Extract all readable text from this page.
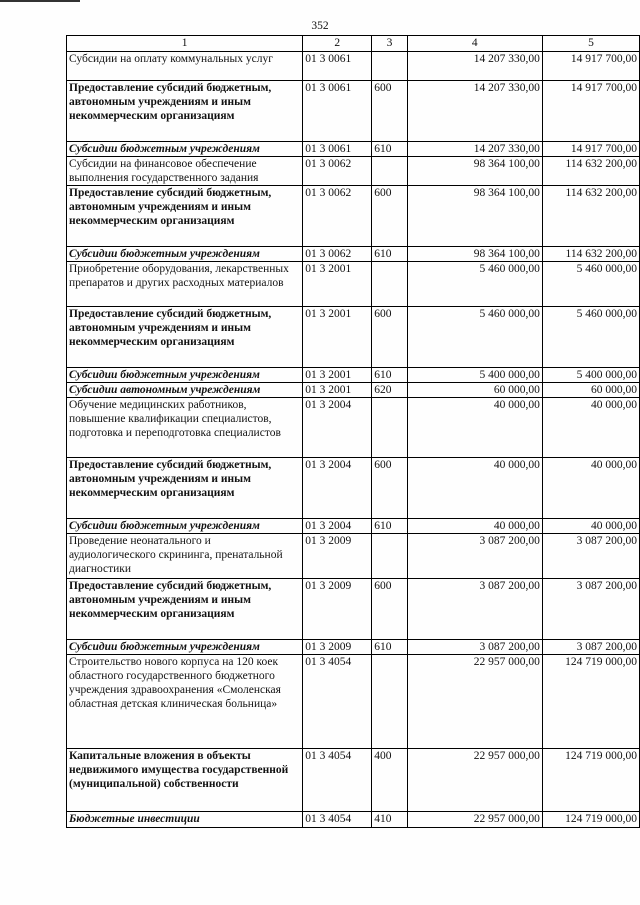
352
1	2	3	4	5
Субсидии на оплату коммунальных услуг	01 3 0061		14 207 330,00	14 917 700,00
Предоставление субсидий бюджетным, автономным учреждениям и иным некоммерческим организациям	01 3 0061	600	14 207 330,00	14 917 700,00
Субсидии бюджетным учреждениям	01 3 0061	610	14 207 330,00	14 917 700,00
Субсидии на финансовое обеспечение выполнения государственного задания	01 3 0062		98 364 100,00	114 632 200,00
Предоставление субсидий бюджетным, автономным учреждениям и иным некоммерческим организациям	01 3 0062	600	98 364 100,00	114 632 200,00
Субсидии бюджетным учреждениям	01 3 0062	610	98 364 100,00	114 632 200,00
Приобретение оборудования, лекарственных препаратов и других расходных материалов	01 3 2001		5 460 000,00	5 460 000,00
Предоставление субсидий бюджетным, автономным учреждениям и иным некоммерческим организациям	01 3 2001	600	5 460 000,00	5 460 000,00
Субсидии бюджетным учреждениям	01 3 2001	610	5 400 000,00	5 400 000,00
Субсидии автономным учреждениям	01 3 2001	620	60 000,00	60 000,00
Обучение медицинских работников, повышение квалификации специалистов, подготовка и переподготовка специалистов	01 3 2004		40 000,00	40 000,00
Предоставление субсидий бюджетным, автономным учреждениям и иным некоммерческим организациям	01 3 2004	600	40 000,00	40 000,00
Субсидии бюджетным учреждениям	01 3 2004	610	40 000,00	40 000,00
Проведение неонатального и аудиологического скрининга, пренатальной диагностики	01 3 2009		3 087 200,00	3 087 200,00
Предоставление субсидий бюджетным, автономным учреждениям и иным некоммерческим организациям	01 3 2009	600	3 087 200,00	3 087 200,00
Субсидии бюджетным учреждениям	01 3 2009	610	3 087 200,00	3 087 200,00
Строительство нового корпуса на 120 коек областного государственного бюджетного учреждения здравоохранения «Смоленская областная детская клиническая больница»	01 3 4054		22 957 000,00	124 719 000,00
Капитальные вложения в объекты недвижимого имущества государственной (муниципальной) собственности	01 3 4054	400	22 957 000,00	124 719 000,00
Бюджетные инвестиции	01 3 4054	410	22 957 000,00	124 719 000,00
